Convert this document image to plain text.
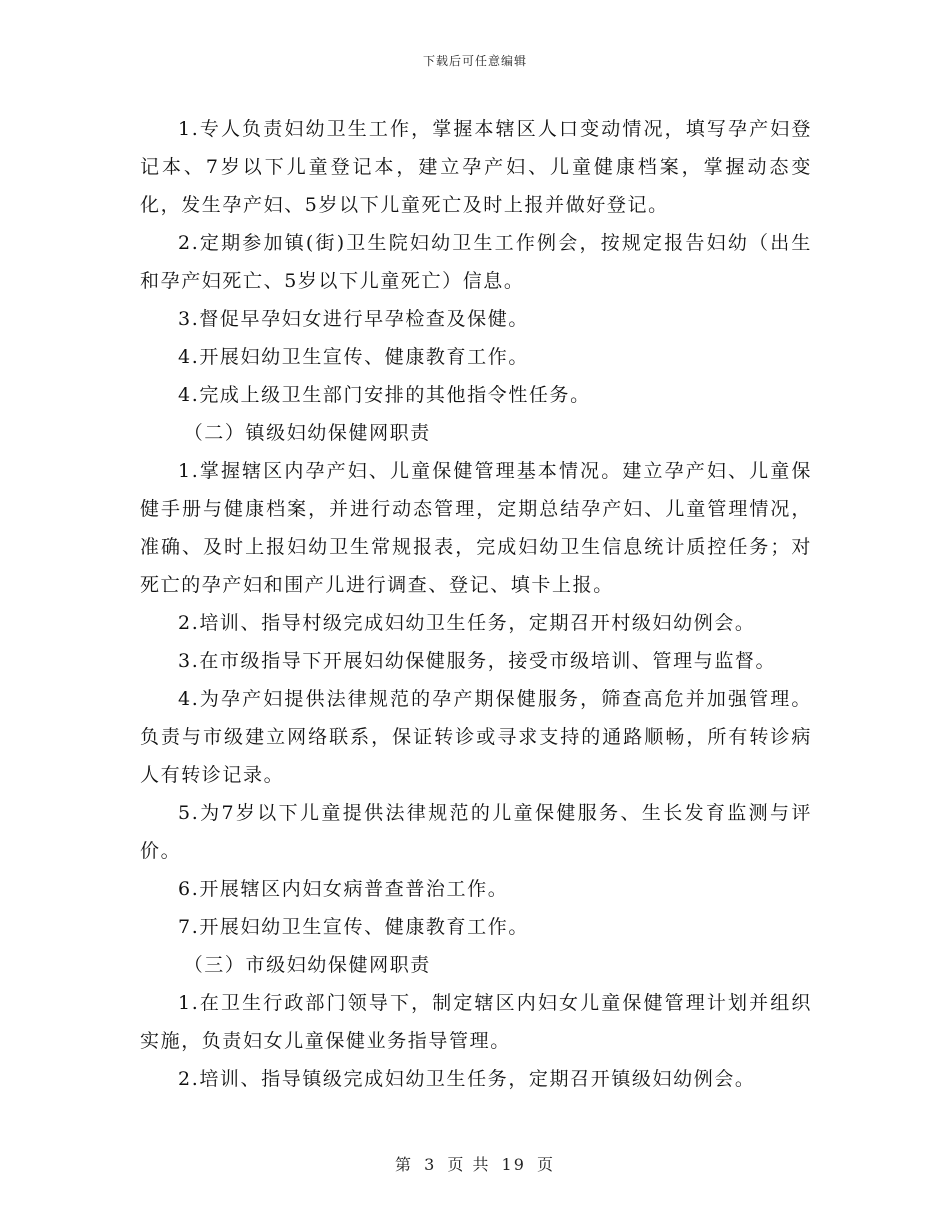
下载后可任意编辑

1.专人负责妇幼卫生工作，掌握本辖区人口变动情况，填写孕产妇登记本、7岁以下儿童登记本，建立孕产妇、儿童健康档案，掌握动态变化，发生孕产妇、5岁以下儿童死亡及时上报并做好登记。

2.定期参加镇(街)卫生院妇幼卫生工作例会，按规定报告妇幼（出生和孕产妇死亡、5岁以下儿童死亡）信息。

3.督促早孕妇女进行早孕检查及保健。

4.开展妇幼卫生宣传、健康教育工作。

4.完成上级卫生部门安排的其他指令性任务。

（二）镇级妇幼保健网职责

1.掌握辖区内孕产妇、儿童保健管理基本情况。建立孕产妇、儿童保健手册与健康档案，并进行动态管理，定期总结孕产妇、儿童管理情况，准确、及时上报妇幼卫生常规报表，完成妇幼卫生信息统计质控任务；对死亡的孕产妇和围产儿进行调查、登记、填卡上报。

2.培训、指导村级完成妇幼卫生任务，定期召开村级妇幼例会。

3.在市级指导下开展妇幼保健服务，接受市级培训、管理与监督。

4.为孕产妇提供法律规范的孕产期保健服务，筛查高危并加强管理。负责与市级建立网络联系，保证转诊或寻求支持的通路顺畅，所有转诊病人有转诊记录。

5.为7岁以下儿童提供法律规范的儿童保健服务、生长发育监测与评价。

6.开展辖区内妇女病普查普治工作。

7.开展妇幼卫生宣传、健康教育工作。

（三）市级妇幼保健网职责

1.在卫生行政部门领导下，制定辖区内妇女儿童保健管理计划并组织实施，负责妇女儿童保健业务指导管理。

2.培训、指导镇级完成妇幼卫生任务，定期召开镇级妇幼例会。

第 3 页 共 19 页
